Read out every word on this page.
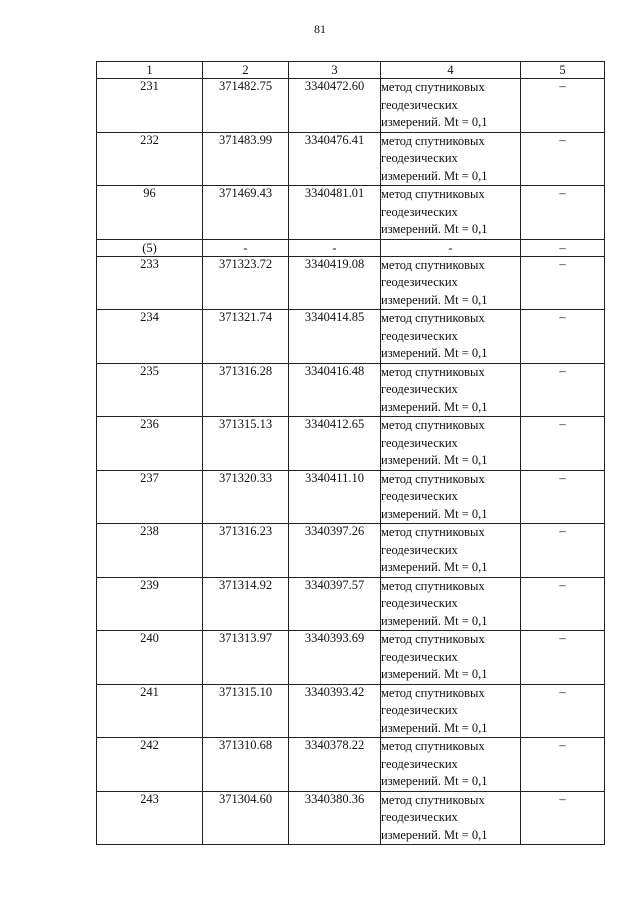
81
1	2	3	4	5
231	371482.75	3340472.60	метод спутниковых
геодезических
измерений. Mt = 0,1	–
232	371483.99	3340476.41	метод спутниковых
геодезических
измерений. Mt = 0,1	–
96	371469.43	3340481.01	метод спутниковых
геодезических
измерений. Mt = 0,1	–
(5)	-	-	-	–
233	371323.72	3340419.08	метод спутниковых
геодезических
измерений. Mt = 0,1	–
234	371321.74	3340414.85	метод спутниковых
геодезических
измерений. Mt = 0,1	–
235	371316.28	3340416.48	метод спутниковых
геодезических
измерений. Mt = 0,1	–
236	371315.13	3340412.65	метод спутниковых
геодезических
измерений. Mt = 0,1	–
237	371320.33	3340411.10	метод спутниковых
геодезических
измерений. Mt = 0,1	–
238	371316.23	3340397.26	метод спутниковых
геодезических
измерений. Mt = 0,1	–
239	371314.92	3340397.57	метод спутниковых
геодезических
измерений. Mt = 0,1	–
240	371313.97	3340393.69	метод спутниковых
геодезических
измерений. Mt = 0,1	–
241	371315.10	3340393.42	метод спутниковых
геодезических
измерений. Mt = 0,1	–
242	371310.68	3340378.22	метод спутниковых
геодезических
измерений. Mt = 0,1	–
243	371304.60	3340380.36	метод спутниковых
геодезических
измерений. Mt = 0,1	–
